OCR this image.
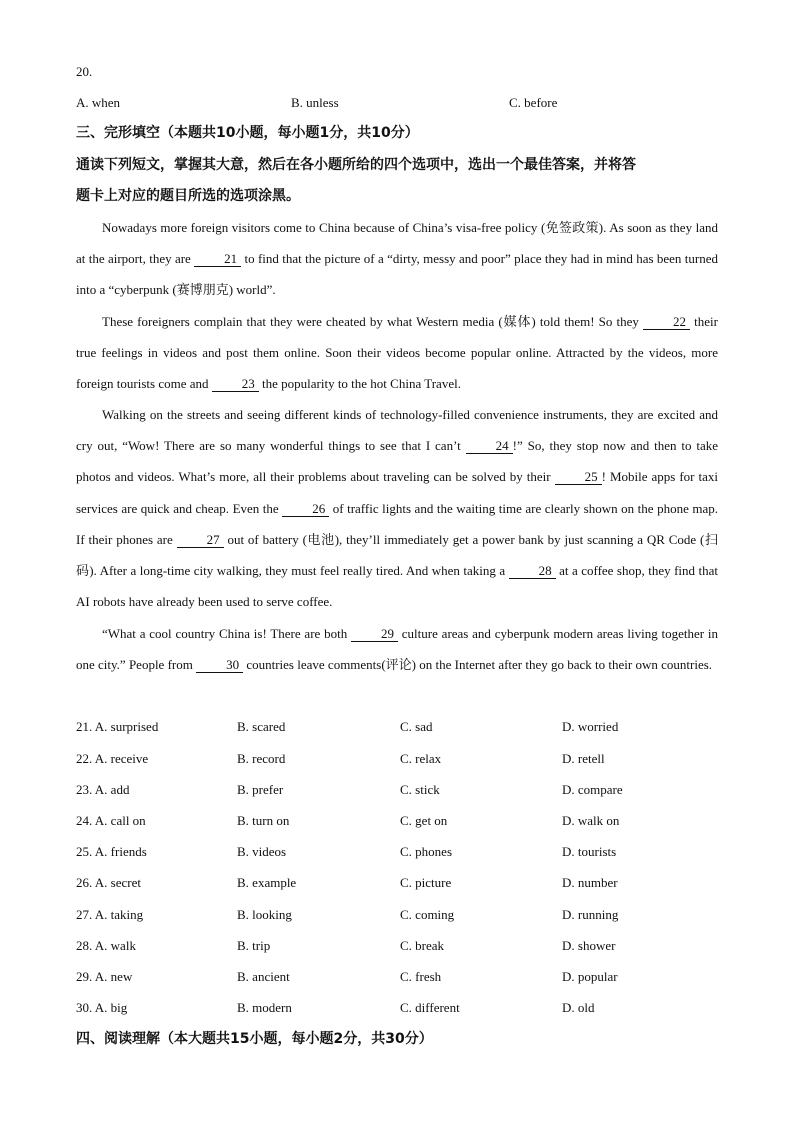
20.
A. when	B. unless	C. before
三、完形填空（本题共10小题，每小题1分，共10分）
通读下列短文，掌握其大意，然后在各小题所给的四个选项中，选出一个最佳答案，并将答
题卡上对应的题目所选的选项涂黑。
Nowadays more foreign visitors come to China because of China’s visa-free policy (免签政策). As soon as they land at the airport, they are 21 to find that the picture of a “dirty, messy and poor” place they had in mind has been turned into a “cyberpunk (赛博朋克) world”.
These foreigners complain that they were cheated by what Western media (媒体) told them! So they 22 their true feelings in videos and post them online. Soon their videos become popular online. Attracted by the videos, more foreign tourists come and 23 the popularity to the hot China Travel.
Walking on the streets and seeing different kinds of technology-filled convenience instruments, they are excited and cry out, “Wow! There are so many wonderful things to see that I can’t 24 !” So, they stop now and then to take photos and videos. What’s more, all their problems about traveling can be solved by their 25 ! Mobile apps for taxi services are quick and cheap. Even the 26 of traffic lights and the waiting time are clearly shown on the phone map. If their phones are 27 out of battery (电池), they’ll immediately get a power bank by just scanning a QR Code (扫码). After a long-time city walking, they must feel really tired. And when taking a 28 at a coffee shop, they find that AI robots have already been used to serve coffee.
“What a cool country China is! There are both 29 culture areas and cyberpunk modern areas living together in one city.” People from 30 countries leave comments(评论) on the Internet after they go back to their own countries.
21. A. surprised	B. scared	C. sad	D. worried
22. A. receive	B. record	C. relax	D. retell
23. A. add	B. prefer	C. stick	D. compare
24. A. call on	B. turn on	C. get on	D. walk on
25. A. friends	B. videos	C. phones	D. tourists
26. A. secret	B. example	C. picture	D. number
27. A. taking	B. looking	C. coming	D. running
28. A. walk	B. trip	C. break	D. shower
29. A. new	B. ancient	C. fresh	D. popular
30. A. big	B. modern	C. different	D. old
四、阅读理解（本大题共15小题，每小题2分，共30分）
